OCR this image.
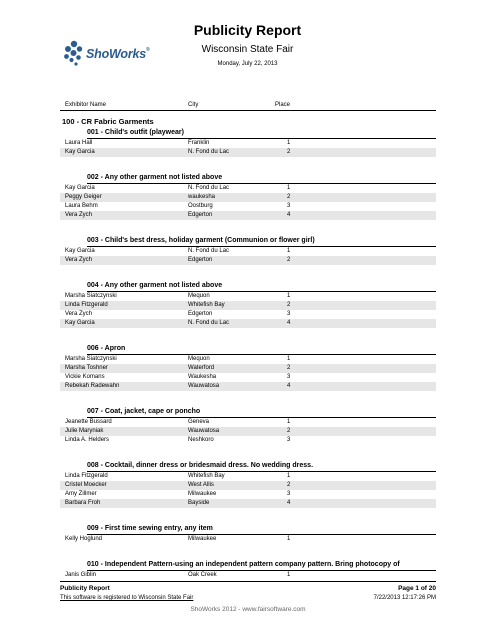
ShoWorks®
Publicity Report
Wisconsin State Fair
Monday, July 22, 2013
Exhibitor Name	City	Place
100 - CR Fabric Garments
001 - Child's outfit (playwear)
Laura Hall	Franklin	1
Kay Garcia	N. Fond du Lac	2
002 - Any other garment not listed above
Kay Garcia	N. Fond du Lac	1
Peggy Geiger	waukesha	2
Laura Behm	Oostburg	3
Vera Zych	Edgerton	4
003 - Child's best dress, holiday garment (Communion or flower girl)
Kay Garcia	N. Fond du Lac	1
Vera Zych	Edgerton	2
004 - Any other garment not listed above
Marsha Siatczynski	Mequon	1
Linda Fitzgerald	Whitefish Bay	2
Vera Zych	Edgerton	3
Kay Garcia	N. Fond du Lac	4
006 - Apron
Marsha Siatczynski	Mequon	1
Marsha Toshner	Waterford	2
Vickie Komans	Waukesha	3
Rebekah Radewahn	Wauwatosa	4
007 - Coat, jacket, cape or poncho
Jeanette Bussard	Geneva	1
Julie Maryniak	Wauwatosa	2
Linda A. Helders	Neshkoro	3
008 - Cocktail, dinner dress or bridesmaid dress. No wedding dress.
Linda Fitzgerald	Whitefish Bay	1
Cristel Moecker	West Allis	2
Amy Zillmer	Milwaukee	3
Barbara Froh	Bayside	4
009 - First time sewing entry, any item
Kelly Hoglund	Milwaukee	1
010 - Independent Pattern-using an independent pattern company pattern. Bring photocopy of
Janis Giblin	Oak Creek	1
Publicity Report	Page 1 of 20
This software is registered to Wisconsin State Fair	7/22/2013 12:17:26 PM
ShoWorks 2012 - www.fairsoftware.com
